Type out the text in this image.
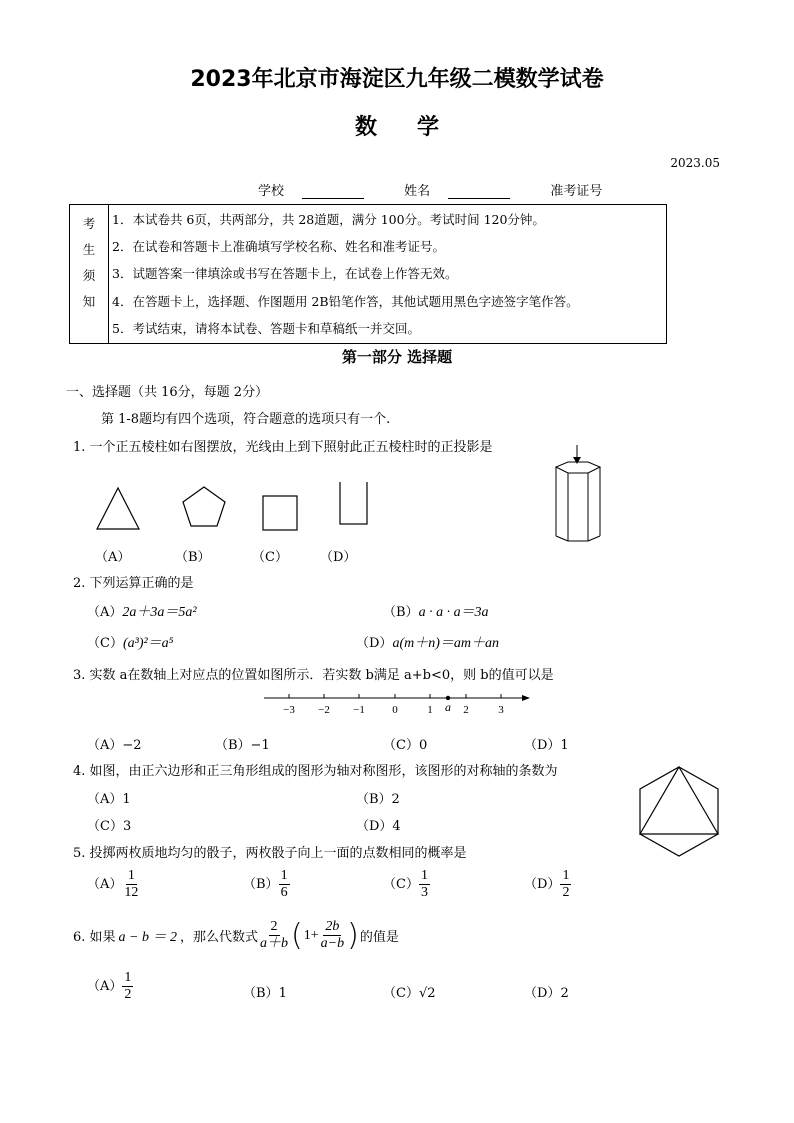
2023年北京市海淀区九年级二模数学试卷
数学
2023.05
学校	姓名	准考证号
考
生
须
知

1．本试卷共 6页，共两部分，共 28道题，满分 100分。考试时间 120分钟。
2．在试卷和答题卡上准确填写学校名称、姓名和准考证号。
3．试题答案一律填涂或书写在答题卡上，在试卷上作答无效。
4．在答题卡上，选择题、作图题用 2B铅笔作答，其他试题用黑色字迹签字笔作答。
5．考试结束，请将本试卷、答题卡和草稿纸一并交回。
第一部分 选择题
一、选择题（共 16分，每题 2分）
第 1-8题均有四个选项，符合题意的选项只有一个.
1. 一个正五棱柱如右图摆放，光线由上到下照射此正五棱柱时的正投影是
（A）	（B）	（C） （D）
2. 下列运算正确的是
（A）2a＋3a＝5a²	（B）a · a · a＝3a
（C）(a³)²＝a⁵	（D）a(m＋n)＝am＋an
3. 实数 a在数轴上对应点的位置如图所示．若实数 b满足 a+b<0，则 b的值可以是
−3 −2 −1 0	1	2	3
a
（A）−2	（B）−1	（C）0	（D）1
4. 如图，由正六边形和正三角形组成的图形为轴对称图形，该图形的对称轴的条数为
（A）1	（B）2
（C）3	（D）4
5. 投掷两枚质地均匀的骰子，两枚骰子向上一面的点数相同的概率是
$(A) \frac{1}{12}$	$(B) \frac{1}{6}$	$(C) \frac{1}{3}$	$(D) \frac{1}{2}$
6. 如果 a − b ＝ 2 ，那么代数式 $\frac{2}{a+b}$ ( $1+ \frac{2b}{a-b}$ ) 的值是
$(A) \frac{1}{2}$	（B）1	（C）√2	（D）2
